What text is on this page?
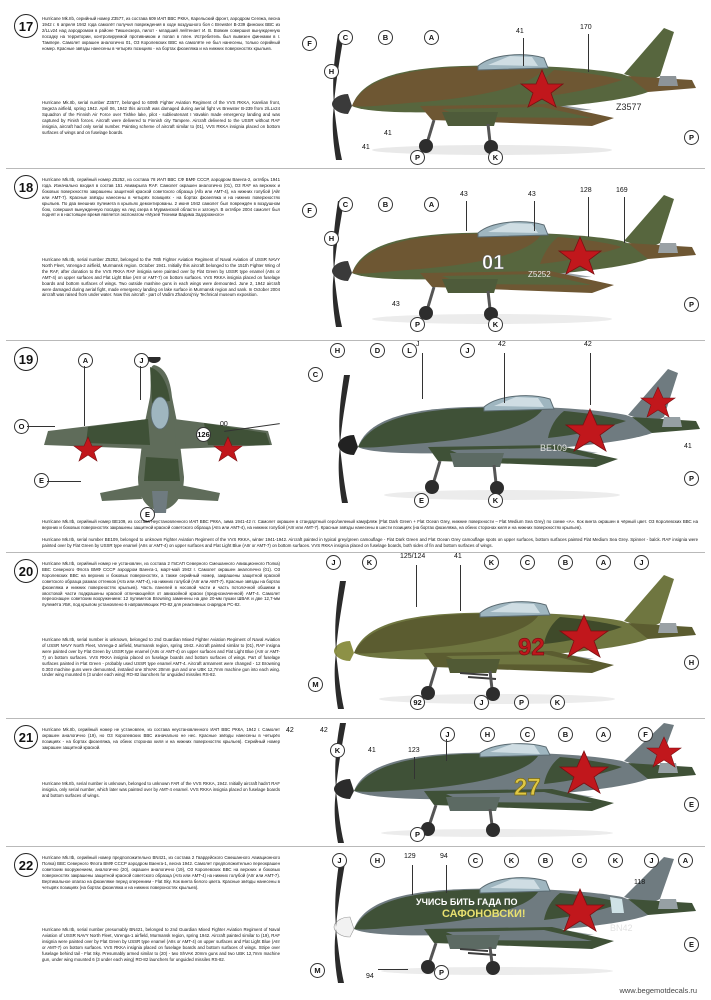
17	Hurricane Mk.IIb, серийный номер Z3577, из состава 609 ИАП ВВС РККА, Карельский фронт, аэродром Сегежа, весна 1942 г. 6 апреля 1942 года самолёт получил повреждения в ходе воздушного боя с Brewster B-239 финских ВВС из 2/LLv24 над аэродромом в районе Тикшеозера, пилот - младший лейтенант И. В. Вовкин совершил вынужденную посадку на территории, контролируемой противником и попал в плен. Истребитель был вывезен финнами в г. Тампере. Самолет окрашен аналогично 01, О3 Королевских ВВС на самолёте не был нанесены, только серийный номер. Красные звёзды нанесены в четырёх позициях - на бортах фюзеляжа и на нижних поверхностях крыльев.
Hurricane Mk.IIb, serial number Z3577, belonged to 609th Fighter Aviation Regiment of the VVS RKKA, Karelian front, Segeza airfield, spring 1942. April 06, 1942 this aircraft was damaged during aerial fight vs Brewster B-239 from 2/LLv24 Squadron of the Finnish Air Force over Tishke lake, pilot - sublieutenant I Vavakin made emergency landing and was captured by Finish forces. Aircraft were delivered to Finnish city Tampere. Aircraft delivered to the USSR without RAF insignia, aircraft had only serial number. Painting scheme of aircraft similar to (01), VVS RKKA insignia placed on bottom surfaces of wings and on fuselage boards.
Z3577
F
C	B	A
H
P	K
P
41
41
41
170
18	Hurricane Mk.IIb, серийный номер Z5252, из состава 78 ИАП ВВС СФ ВМФ СССР, аэродром Ваенга-2, октябрь 1941 года. Изначально входил в состав 151 Авиакрыла RAF. Самолет окрашен аналогично (01), О3 RAF на верхних и боковых поверхностях закрашены защитной краской советского образца (Аllз или AMT-4), на нижних голубой (Айr или AMT-7). Красные звёзды нанесены в четырёх позициях - на бортах фюзеляжа и на нижних поверхностях крыльев. По два внешних пулемета в крыльях демонтированы. 2 июня 1942 самолет был повреждён в воздушном бою, совершил вынужденную посадку на лед озера в Мурманской области и затонул. В октябре 2004 самолет был поднят и в настоящее время является экспонатом «Музей Техники Вадима Задорожного»
Hurricane Mk.IIb, serial number Z5252, belonged to the 78th Fighter Aviation Regiment of Naval Aviation of USSR NAVY North Fleet, Va'enga-2 airfield, Murmansk region. October 1941. Initially this aircraft belonged to the 151th Fighter Wing of the RAF, after donation to the VVS RKKA RAF insignia were painted over by Flat Green by USSR type enamel (AIIs or AMT-4) on upper surfaces and Flat Light Blue (AIIr or AMT-7) on bottom surfaces. VVS RKKA insignia placed on fuselage boards and bottom surfaces of wings. Two outside mashine guns in each wings were demounted. June 2, 1942 aircraft were damaged during aerial fight, made emergency landing on lake surface in Murmansk region and sank. In October 2004 aircraft was raised from under water. Now this aircraft - part of Vadim Zhadoroj'niy Technical museum exposition.
01
Z5252
F
C	B	A
H
P	K
P
43	43
43
128	169
19	A	J
O
126
E
E
BE109
H	D	L	J
C
P
K
E
J	42	42
00
41
Hurricane Mk.IIb, серийный номер BE109, из состава неустановленного ИАП ВВС РККА, зима 1941-42 гг. Самолет окрашен в стандартный серо/зеленый камуфляж (Flat Dark Green + Flat Ocean Grey, нижние поверхности – Flat Medium Sea Grey) по схеме «A». Кок винта окрашен в чёрный цвет. О3 Королевских ВВС на верхних и боковых поверхностях закрашены защитной краской советского образца (AIIз или AMT-4), на нижних голубой (AIIr или AMT-7). Красные звёзды нанесены в шести позициях (на бортах фюзеляжа, на обеих сторонах киля и на нижних поверхностях крыльев).
Hurricane Mk.IIb, serial number BE109, belonged to unknown Fighter Aviation Regiment of the VVS RKKA, winter 1941-1942. Aircraft painted in typical grey/green camouflage - Flat Dark Green and Flat Ocean Grey camouflage spots on upper surfaces, bottom surfaces painted Flat Medium Sea Grey. Spinner - balck. RAF insignia were painted over by Flat Green by USSR type enamel (AIIs or AMT-4) on upper surfaces and Flat Light Blue (AIIr or AMT-7) on bottom surfaces. VVS RKKA insignia placed on fuselage boards, both sides of fin and bottom surfaces of wings.
20	Hurricane Mk.IIb, серийный номер не установлен, из состава 2 ГвСАП Северного Смешанного Авиационного Полка) ВВС Северного Флота ВМФ СССР аэродром Ваенга-1, март-май 1942 г. Самолет окрашен аналогично (01). О3 Королевских ВВС на верхних и боковых поверхностях, а также серийный номер, закрашены защитной краской советского образца размах оттенков (AIIз или AMT-4), на нижних голубой (AIIr или AMT-7). Красные звёзды на бортах фюзеляжа и нижних поверхностях крыльев). Часть панелей в носовой части и часть потолочной обшивки в хвостовой части подкрашены краской отличающейся от авиазойной краски (преднозначенной) AMT-4. Самолет переоснащен советским вооружением: 12 пулеметов Browning заменены на две 20-мм пушки ШВАК и две 12,7-мм пулемёта УБК, под крылом установлено 6 направляющих РО-82 для реактивных снарядов РС-82.
Hurricane Mk.IIb, serial number is unknown, belonged to 2nd Guardian Mixed Fighter Aviation Regiment of Naval Aviation of USSR NAVY North Fleet, Va'enga-2 airfield, Murmansk region, spring 1942. Aircraft painted similar to (01), RAF insigna were painted over by Flat Green by USSR type enamel (AIIs or AMT-4) on upper surfaces and Flat Light Blue (AIIr or AMT-7) on bottom surfaces. VVS RKKA insignia placed on fuselage boards and bottom surfaces of wings. Part of fuselage surfaces painted in Flat Green - probably used USSR type enamel AMT-4. Aircraft armament were changed - 12 Browning 0.303 machine guns were demounted, instalied one ShVAK 20mm gun and one UBK 12,7mm machine gun into each wing. Under wing mounted 6 (3 under each wing) RO-82 launchers for unguided missiles RS-82.
92
J	K	K	C	B	A	J
H
92	J	P	K
M
125/124	41
21	Hurricane Mk.IIb, серийный номер не установлен, из состава неустановленного ИАП ВВС РККА, 1942 г. Самолет окрашен аналогично (19), но О3 Королевских ВВС изначально не нес. Красные звёзды нанесены в четырёх позициях - на бортах фюзеляжа, на обеих сторонах киля и на нижних поверхностях крыльев). Серийный номер закрашен защитной краской.
Hurricane Mk.IIb, serial number is unknown, belonged to unknown FAR of the VVS RKKA, 1942. Initially aircraft hadn't RAF insignia, only serial number, which later was painted over by AMT-4 enamel. VVS RKKA insignia placed on fuselage boards and bottom surfaces of wings.	27
K
J	H	C	B	A	F
P
E
42	42
41	123
22	Hurricane Mk.IIb, серийный номер предположительно BN421, из состава 2 Гвардейского Смешанного Авиационного Полка) ВВС Северного Флота ВМФ СССР аэродром Ваенга-1, весна 1942. Самолет предположительно переокрашен советским вооружением, аналогично (20), окрашен аналогично (19), О3 Королевских ВВС на верхних и боковых поверхностях закрашены защитной краской советского образца (AIIз или AMT-4) на нижних голубой (AIIr или AMT-7). Вертикальное опалзо на фюзеляже перед оперением - Flat Sky. Кок винта белого цвета. Красные звёзды нанесены в четырёх позициях (на бортах фюзеляжа и на нижних поверхностях крыльев).
Hurricane Mk.IIb, serial number presumably BN421, belonged to 2nd Guardian Mixed Fighter Aviation Regiment of Naval Aviation of USSR NAVY North Fleet, Va'enga-1 airfield, Murmansk region, spring 1942. Aircraft painted similar to (19), RAF insignia were painted over by Flat Green by USSR type enamel (AIIs or AMT-4) on upper surfaces and Flat Light Blue (AIIr or AMT-7) on bottom surfaces. VVS RKKA insignia placed on fuselage boards and bottom surfaces of wings. Stripe over fuselage behind tail - Flat Sky. Presumably armed similar to (20) - two ShVAK 20mm guns and two UBK 12,7mm machine gun, under wing mounted 6 (3 under each wing) RO-82 launchers for unguided missiles RS-82.
УЧИСЬ БИТЬ ГАДА ПО
САФОНОВСКИ!
BN42
J	H	C	K	C	K	J
P
M
E
B	A
129	94
118
94
www.begemotdecals.ru
